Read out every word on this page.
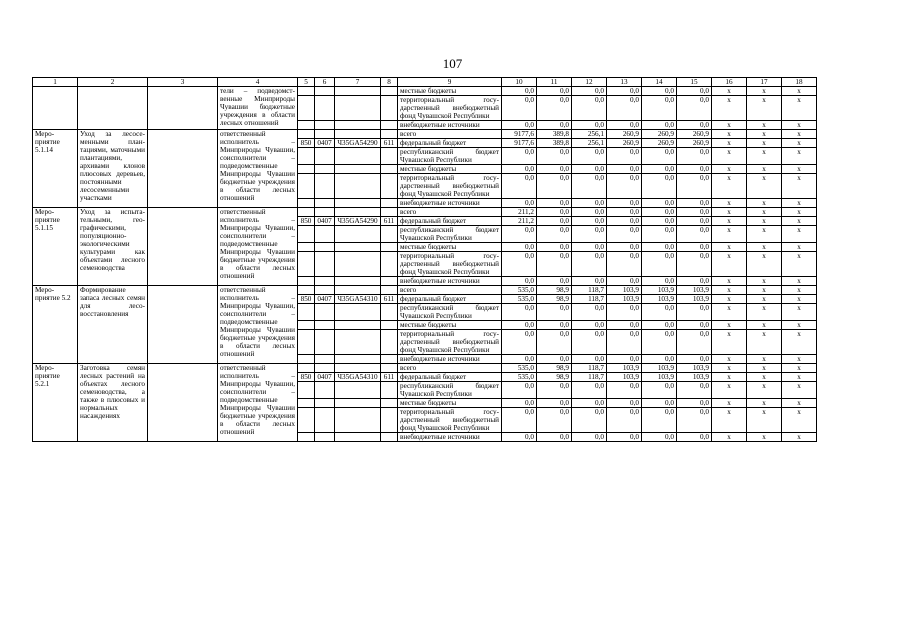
107
1	2	3	4	5	6	7	8	9	10	11	12	13	14	15	16	17	18
			тели – подведомственные Минприроды Чувашии бюджетные учреждения в области лесных отношений					местные бюджеты	0,0	0,0	0,0	0,0	0,0	0,0	x	x	x
								территориальный государственный внебюджетный фонд Чувашской Республики	0,0	0,0	0,0	0,0	0,0	0,0	x	x	x
								внебюджетные источники	0,0	0,0	0,0	0,0	0,0	0,0	x	x	x
Мероприятие 5.1.14	Уход за лесосеменными плантациями, маточными плантациями, архивами клонов плюсовых деревьев, постоянными лесосеменными участками		ответственный исполнитель – Минприроды Чувашии, соисполнители – подведомственные Минприроды Чувашии бюджетные учреждения в области лесных отношений					всего	9177,6	389,8	256,1	260,9	260,9	260,9	x	x	x
				850	0407	Ч35GA54290	611	федеральный бюджет	9177,6	389,8	256,1	260,9	260,9	260,9	x	x	x
								республиканский бюджет Чувашской Республики	0,0	0,0	0,0	0,0	0,0	0,0	x	x	x
								местные бюджеты	0,0	0,0	0,0	0,0	0,0	0,0	x	x	x
								территориальный государственный внебюджетный фонд Чувашской Республики	0,0	0,0	0,0	0,0	0,0	0,0	x	x	x
								внебюджетные источники	0,0	0,0	0,0	0,0	0,0	0,0	x	x	x
Мероприятие 5.1.15	Уход за испытательными, географическими, популяционно-экологическими культурами как объектами лесного семеноводства		ответственный исполнитель – Минприроды Чувашии, соисполнители – подведомственные Минприроды Чувашии бюджетные учреждения в области лесных отношений					всего	211,2	0,0	0,0	0,0	0,0	0,0	x	x	x
				850	0407	Ч35GA54290	611	федеральный бюджет	211,2	0,0	0,0	0,0	0,0	0,0	x	x	x
								республиканский бюджет Чувашской Республики	0,0	0,0	0,0	0,0	0,0	0,0	x	x	x
								местные бюджеты	0,0	0,0	0,0	0,0	0,0	0,0	x	x	x
								территориальный государственный внебюджетный фонд Чувашской Республики	0,0	0,0	0,0	0,0	0,0	0,0	x	x	x
								внебюджетные источники	0,0	0,0	0,0	0,0	0,0	0,0	x	x	x
Мероприятие 5.2	Формирование запаса лесных семян для лесовосстановления		ответственный исполнитель – Минприроды Чувашии, соисполнители – подведомственные Минприроды Чувашии бюджетные учреждения в области лесных отношений					всего	535,0	98,9	118,7	103,9	103,9	103,9	x	x	x
				850	0407	Ч35GA54310	611	федеральный бюджет	535,0	98,9	118,7	103,9	103,9	103,9	x	x	x
								республиканский бюджет Чувашской Республики	0,0	0,0	0,0	0,0	0,0	0,0	x	x	x
								местные бюджеты	0,0	0,0	0,0	0,0	0,0	0,0	x	x	x
								территориальный государственный внебюджетный фонд Чувашской Республики	0,0	0,0	0,0	0,0	0,0	0,0	x	x	x
								внебюджетные источники	0,0	0,0	0,0	0,0	0,0	0,0	x	x	x
Мероприятие 5.2.1	Заготовка семян лесных растений на объектах лесного семеноводства, а также в плюсовых и нормальных насаждениях		ответственный исполнитель – Минприроды Чувашии, соисполнители – подведомственные Минприроды Чувашии бюджетные учреждения в области лесных отношений					всего	535,0	98,9	118,7	103,9	103,9	103,9	x	x	x
				850	0407	Ч35GA54310	611	федеральный бюджет	535,0	98,9	118,7	103,9	103,9	103,9	x	x	x
								республиканский бюджет Чувашской Республики	0,0	0,0	0,0	0,0	0,0	0,0	x	x	x
								местные бюджеты	0,0	0,0	0,0	0,0	0,0	0,0	x	x	x
								территориальный государственный внебюджетный фонд Чувашской Республики	0,0	0,0	0,0	0,0	0,0	0,0	x	x	x
								внебюджетные источники	0,0	0,0	0,0	0,0	0,0	0,0	x	x	x
